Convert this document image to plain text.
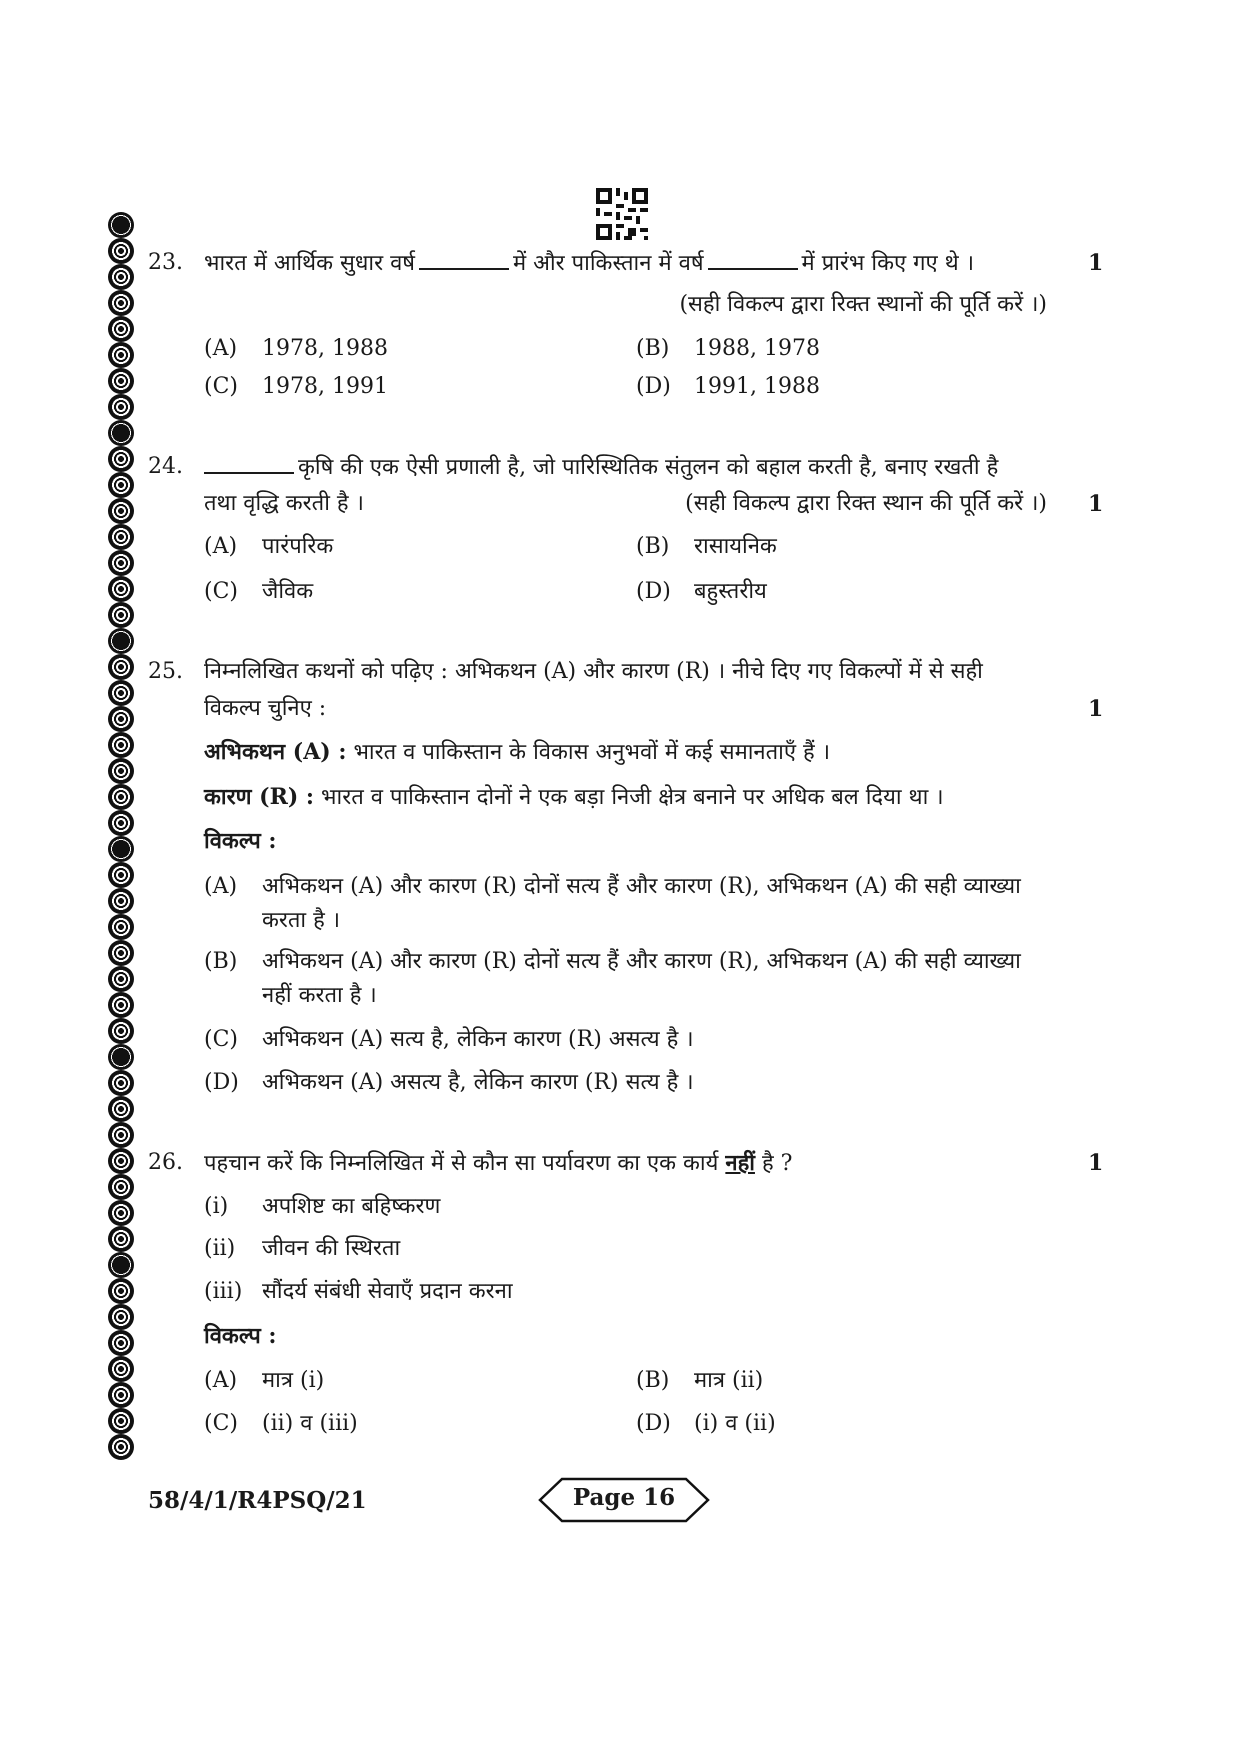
23. भारत में आर्थिक सुधार वर्ष	में और पाकिस्तान में वर्ष	में प्रारंभ किए गए थे ।	1
(सही विकल्प द्वारा रिक्त स्थानों की पूर्ति करें ।)
(A) 1978, 1988	(B) 1988, 1978
(C) 1978, 1991	(D) 1991, 1988
24.	कृषि की एक ऐसी प्रणाली है, जो पारिस्थितिक संतुलन को बहाल करती है, बनाए रखती है
तथा वृद्धि करती है ।	(सही विकल्प द्वारा रिक्त स्थान की पूर्ति करें ।) 1
(A) पारंपरिक	(B) रासायनिक
(C) जैविक	(D) बहुस्तरीय
25. निम्नलिखित कथनों को पढ़िए : अभिकथन (A) और कारण (R) । नीचे दिए गए विकल्पों में से सही
विकल्प चुनिए :	1
अभिकथन (A) : भारत व पाकिस्तान के विकास अनुभवों में कई समानताएँ हैं ।
कारण (R) : भारत व पाकिस्तान दोनों ने एक बड़ा निजी क्षेत्र बनाने पर अधिक बल दिया था ।
विकल्प :
(A) अभिकथन (A) और कारण (R) दोनों सत्य हैं और कारण (R), अभिकथन (A) की सही व्याख्या
करता है ।
(B) अभिकथन (A) और कारण (R) दोनों सत्य हैं और कारण (R), अभिकथन (A) की सही व्याख्या
नहीं करता है ।
(C) अभिकथन (A) सत्य है, लेकिन कारण (R) असत्य है ।
(D) अभिकथन (A) असत्य है, लेकिन कारण (R) सत्य है ।
26. पहचान करें कि निम्नलिखित में से कौन सा पर्यावरण का एक कार्य नहीं है ?	1
(i) अपशिष्ट का बहिष्करण
(ii) जीवन की स्थिरता
(iii) सौंदर्य संबंधी सेवाएँ प्रदान करना
विकल्प :
(A) मात्र (i)	(B) मात्र (ii)
(C) (ii) व (iii)	(D) (i) व (ii)
58/4/1/R4PSQ/21	Page 16
